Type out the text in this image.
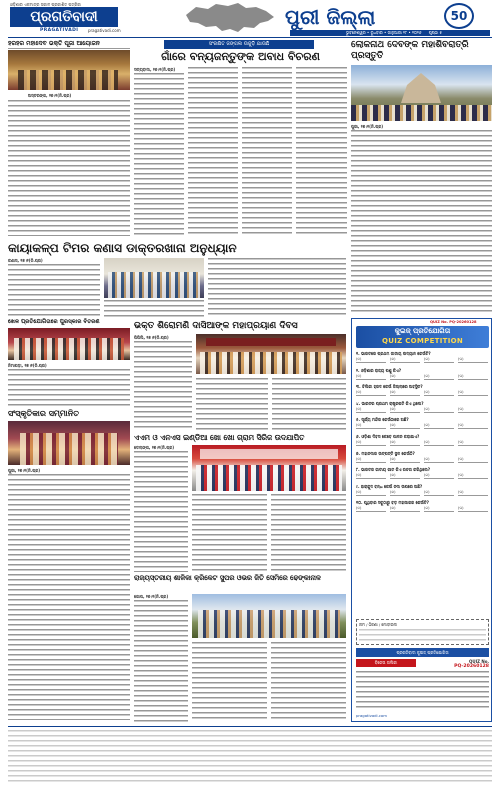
ଓଡ଼ିଶାର ଏକମାତ୍ର ସକାଳ ପ୍ରକାଶିତ ପତ୍ରିକା
ପ୍ରଗତିବାଦୀ
PRAGATIVADI pragativadi.com
ପୁରୀ ଜିଲ୍ଲା	50
ଭୁବନେଶ୍ୱର • ବୁଧବାର • ଜାନୁଆରୀ ୨୮ • ୨୦୨୬ ପୃଷ୍ଠା ୫
ହରହର ମହାଦେବ ଭକ୍ତି ପୂଜା ଆୟୋଜନ
ଅସ୍ତରଙ୍ଗ, ୨୭।୧(ନି.ପ୍ର)
ସଂରକ୍ଷିତ ଜଙ୍ଗଲ ଉଜୁଡ଼ି ଯାଉଛି
ଗାଁରେ ବନ୍ୟଜନ୍ତୁଙ୍କ ଅବାଧ ବିଚରଣ
ସତ୍ୟବାଦୀ, ୨୭।୧(ନି.ପ୍ର)
ଲୋକନାଥ ଦେବଙ୍କ ମହାଶିବରାତ୍ରି ପ୍ରସ୍ତୁତି
ପୁରୀ, ୨୭।୧(ନି.ପ୍ର)
କାୟାକଳ୍ପ ଟିମର କଣାସ ଡାକ୍ତରଖାନା ଅନୁଧ୍ୟାନ
କଣାସ, ୨୭।୧(ନି.ପ୍ର)
ଖେଳ ପ୍ରତିଯୋଗିତାରେ ପୁରସ୍କାର ବିତରଣ
ନିମାପଡ଼ା, ୨୭।୧(ନି.ପ୍ର)
ଭକ୍ତ ଶିରୋମଣି ଦାସିଆଙ୍କ ମହାପ୍ରୟାଣ ଦିବସ
ପିପିଲି, ୨୭।୧(ନି.ପ୍ର)
QUIZ No. PQ-20260128
କୁଇଜ୍ ପ୍ରତିଯୋଗିତା
QUIZ COMPETITION
୧. ଭାରତରେ ପ୍ରଥମ ଜାତୀୟ ଉଦ୍ୟାନ କେଉଁଟି?
(କ)	(ଖ)	(ଗ)	(ଘ)
୨. ଓଡ଼ିଶାର ରାଜ୍ୟ ପଶୁ କିଏ?
(କ)	(ଖ)	(ଗ)	(ଘ)
୩. ଚିଲିକା ହ୍ରଦ କେଉଁ ଜିଲ୍ଲାରେ ଅବସ୍ଥିତ?
(କ)	(ଖ)	(ଗ)	(ଘ)
୪. ଭାରତର ପ୍ରଥମ ରାଷ୍ଟ୍ରପତି କିଏ ଥିଲେ?
(କ)	(ଖ)	(ଗ)	(ଘ)
୫. ସୂର୍ଯ୍ୟ ମନ୍ଦିର କେଉଁଠାରେ ଅଛି?
(କ)	(ଖ)	(ଗ)	(ଘ)
୬. ଓଡ଼ିଶା ଦିବସ କେବେ ପାଳନ କରାଯାଏ?
(କ)	(ଖ)	(ଗ)	(ଘ)
୭. ମହାନଦୀର ଉତ୍ପତ୍ତି ସ୍ଥଳ କେଉଁଠି?
(କ)	(ଖ)	(ଗ)	(ଘ)
୮. ଭାରତର ଜାତୀୟ ଗୀତ କିଏ ରଚନା କରିଥିଲେ?
(କ)	(ଖ)	(ଗ)	(ଘ)
୯. ହୀରାକୁଦ ବନ୍ଧ କେଉଁ ନଦୀ ଉପରେ ଅଛି?
(କ)	(ଖ)	(ଗ)	(ଘ)
୧୦. ପୃଥିବୀର ସବୁଠାରୁ ବଡ଼ ମହାସାଗର କେଉଁଟି?
(କ)	(ଖ)	(ଗ)	(ଘ)
ନାମ / ଠିକଣା / ମୋବାଇଲ
ପ୍ରଗତିବାଦୀ କୁଇଜ୍ ପ୍ରତିଯୋଗିତା
ବିଜେତା ତାଲିକା	QUIZ No.
PQ-20260128
pragativadi.com
ସଂସ୍କୃତିକାର ସମ୍ମାନିତ
ପୁରୀ, ୨୭।୧(ନି.ପ୍ର)
ଏଏମ ଓ ଏନଏସ ଇଣ୍ଡିଆ ଖୋ ଖୋ ଗ୍ରାମ ସିରିଜ ଉଦଯାପିତ
ଡେଲାଙ୍ଗ, ୨୭।୧(ନି.ପ୍ର)
ରାଜ୍ୟସ୍ତରୀୟ ଶାଳିକା କ୍ରିକେଟ ସୁପର ଓଭର ଜିତି ସେମିରେ ଢେଙ୍କାନାଳ
ଗୋପ, ୨୭।୧(ନି.ପ୍ର)
